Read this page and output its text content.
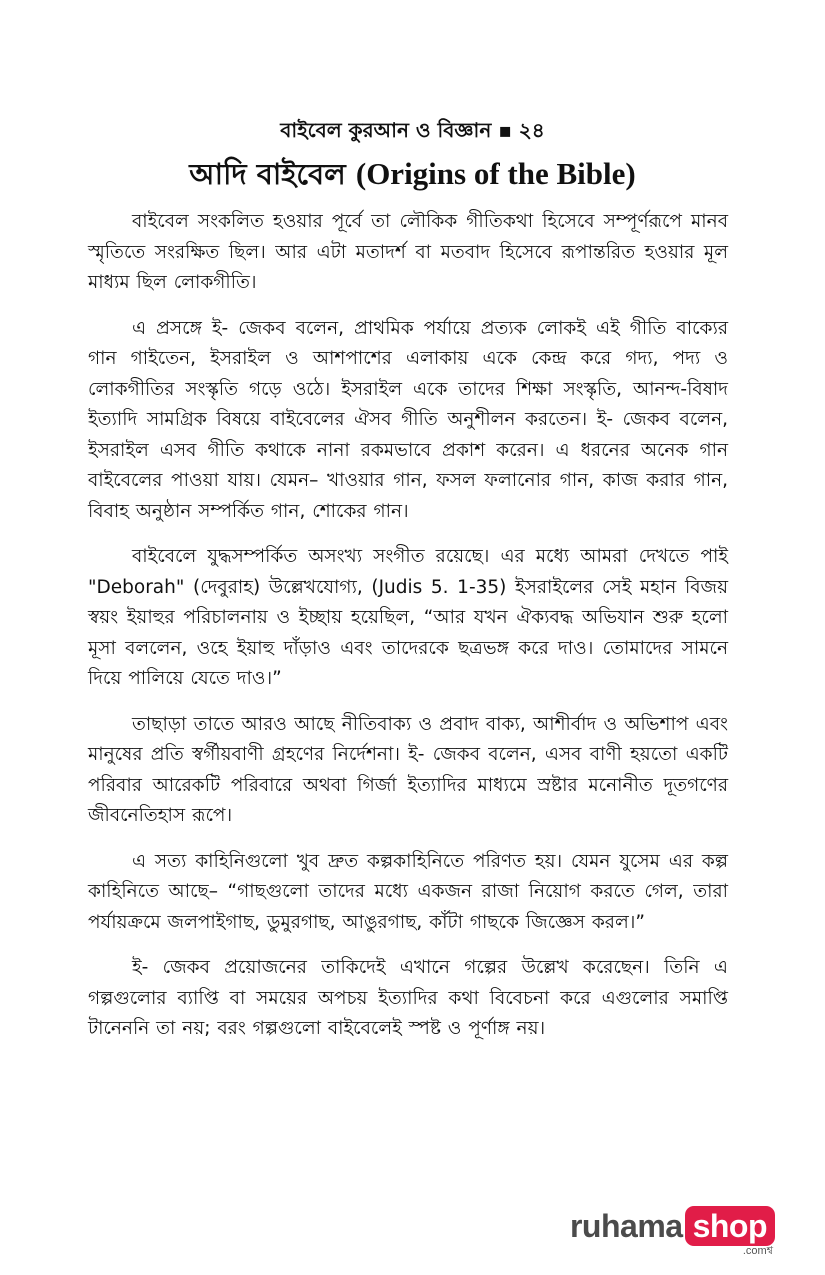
বাইবেল কুরআন ও বিজ্ঞান ▪ ২৪
আদি বাইবেল (Origins of the Bible)

বাইবেল সংকলিত হওয়ার পূর্বে তা লৌকিক গীতিকথা হিসেবে সম্পূর্ণরূপে মানব স্মৃতিতে সংরক্ষিত ছিল। আর এটা মতাদর্শ বা মতবাদ হিসেবে রূপান্তরিত হওয়ার মূল মাধ্যম ছিল লোকগীতি।

এ প্রসঙ্গে ই- জেকব বলেন, প্রাথমিক পর্যায়ে প্রত্যক লোকই এই গীতি বাক্যের গান গাইতেন, ইসরাইল ও আশপাশের এলাকায় একে কেন্দ্র করে গদ্য, পদ্য ও লোকগীতির সংস্কৃতি গড়ে ওঠে। ইসরাইল একে তাদের শিক্ষা সংস্কৃতি, আনন্দ-বিষাদ ইত্যাদি সামগ্রিক বিষয়ে বাইবেলের ঐসব গীতি অনুশীলন করতেন। ই- জেকব বলেন, ইসরাইল এসব গীতি কথাকে নানা রকমভাবে প্রকাশ করেন। এ ধরনের অনেক গান বাইবেলের পাওয়া যায়। যেমন– খাওয়ার গান, ফসল ফলানোর গান, কাজ করার গান, বিবাহ অনুষ্ঠান সম্পর্কিত গান, শোকের গান।

বাইবেলে যুদ্ধসম্পর্কিত অসংখ্য সংগীত রয়েছে। এর মধ্যে আমরা দেখতে পাই "Deborah" (দেবুরাহ) উল্লেখযোগ্য, (Judis 5. 1-35) ইসরাইলের সেই মহান বিজয় স্বয়ং ইয়াহুর পরিচালনায় ও ইচ্ছায় হয়েছিল, “আর যখন ঐক্যবদ্ধ অভিযান শুরু হলো মূসা বললেন, ওহে ইয়াহু দাঁড়াও এবং তাদেরকে ছত্রভঙ্গ করে দাও। তোমাদের সামনে দিয়ে পালিয়ে যেতে দাও।”

তাছাড়া তাতে আরও আছে নীতিবাক্য ও প্রবাদ বাক্য, আশীর্বাদ ও অভিশাপ এবং মানুষের প্রতি স্বর্গীয়বাণী গ্রহণের নির্দেশনা। ই- জেকব বলেন, এসব বাণী হয়তো একটি পরিবার আরেকটি পরিবারে অথবা গির্জা ইত্যাদির মাধ্যমে স্রষ্টার মনোনীত দূতগণের জীবনেতিহাস রূপে।

এ সত্য কাহিনিগুলো খুব দ্রুত কল্পকাহিনিতে পরিণত হয়। যেমন যুসেম এর কল্প কাহিনিতে আছে– “গাছগুলো তাদের মধ্যে একজন রাজা নিয়োগ করতে গেল, তারা পর্যায়ক্রমে জলপাইগাছ, ডুমুরগাছ, আঙুরগাছ, কাঁটা গাছকে জিজ্ঞেস করল।”

ই- জেকব প্রয়োজনের তাকিদেই এখানে গল্পের উল্লেখ করেছেন। তিনি এ গল্পগুলোর ব্যাপ্তি বা সময়ের অপচয় ইত্যাদির কথা বিবেচনা করে এগুলোর সমাপ্তি টানেননি তা নয়; বরং গল্পগুলো বাইবেলেই স্পষ্ট ও পূর্ণাঙ্গ নয়।

ruhama shop
.comশ্ব
